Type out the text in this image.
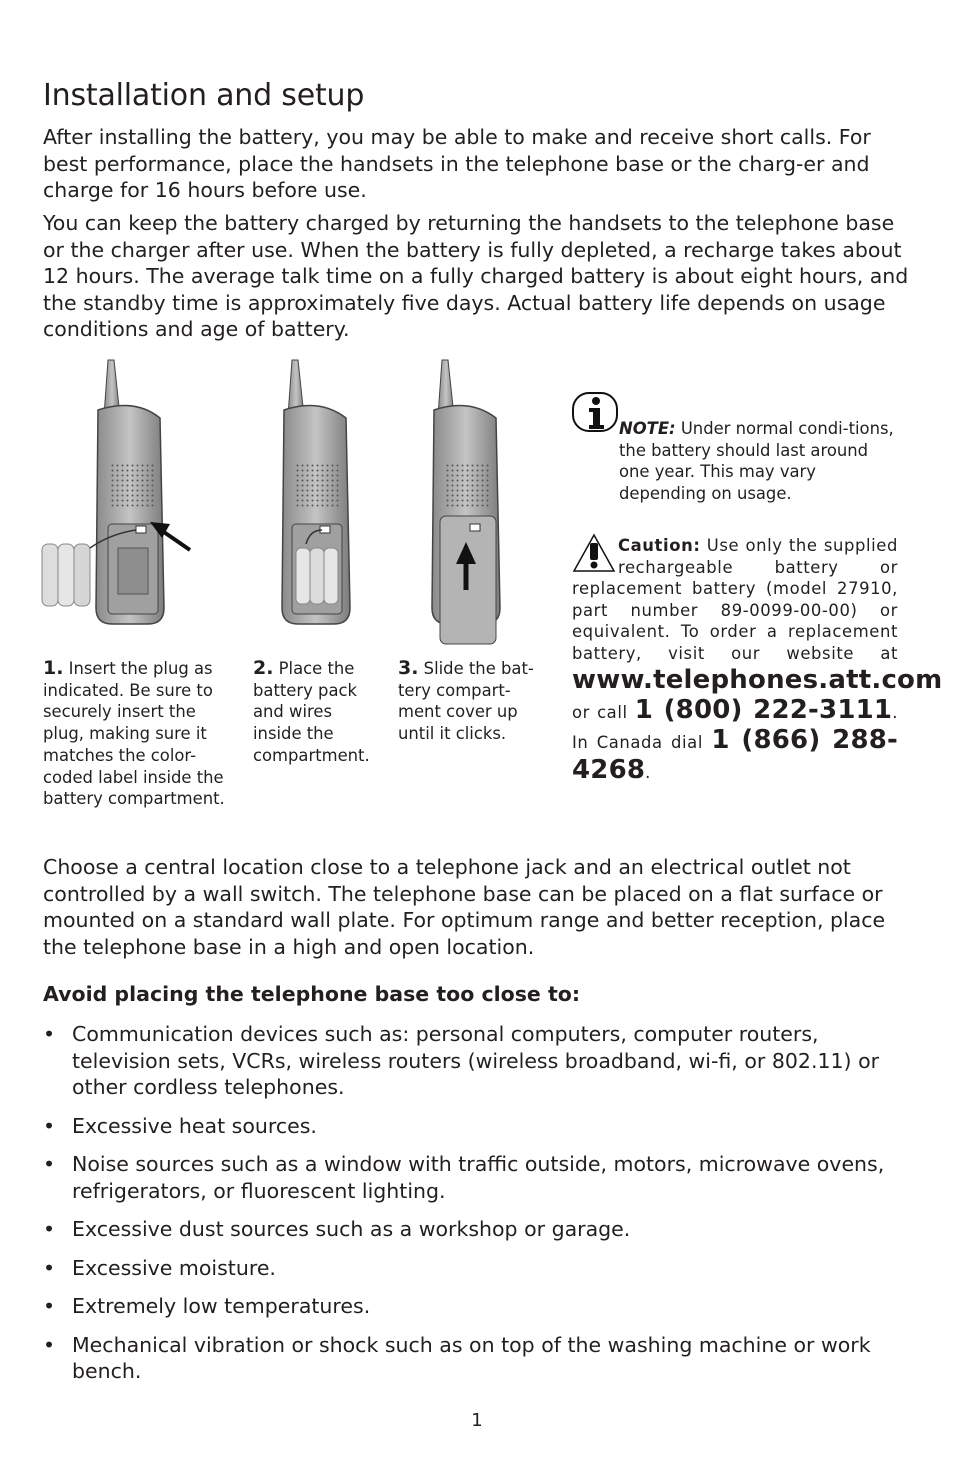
Installation and setup

After installing the battery, you may be able to make and receive short calls. For best performance, place the handsets in the telephone base or the charg-er and charge for 16 hours before use.

You can keep the battery charged by returning the handsets to the telephone base or the charger after use. When the battery is fully depleted, a recharge takes about 12 hours. The average talk time on a fully charged battery is about eight hours, and the standby time is approximately five days. Actual battery life depends on usage conditions and age of battery.

1. Insert the plug as indicated. Be sure to securely insert the plug, making sure it matches the color-coded label inside the battery compartment.

2. Place the battery pack and wires inside the compartment.

3. Slide the bat-tery compart-ment cover up until it clicks.

NOTE: Under normal condi-tions, the battery should last around one year. This may vary depending on usage.

Caution: Use only the supplied rechargeable battery or replacement battery (model 27910, part number 89-0099-00-00) or equivalent. To order a replacement battery, visit our website at www.telephones.att.com or call 1 (800) 222-3111. In Canada dial 1 (866) 288-4268.

Choose a central location close to a telephone jack and an electrical outlet not controlled by a wall switch. The telephone base can be placed on a flat surface or mounted on a standard wall plate. For optimum range and better reception, place the telephone base in a high and open location.

Avoid placing the telephone base too close to:

• Communication devices such as: personal computers, computer routers, television sets, VCRs, wireless routers (wireless broadband, wi-fi, or 802.11) or other cordless telephones.
• Excessive heat sources.
• Noise sources such as a window with traffic outside, motors, microwave ovens, refrigerators, or fluorescent lighting.
• Excessive dust sources such as a workshop or garage.
• Excessive moisture.
• Extremely low temperatures.
• Mechanical vibration or shock such as on top of the washing machine or work bench.

1
